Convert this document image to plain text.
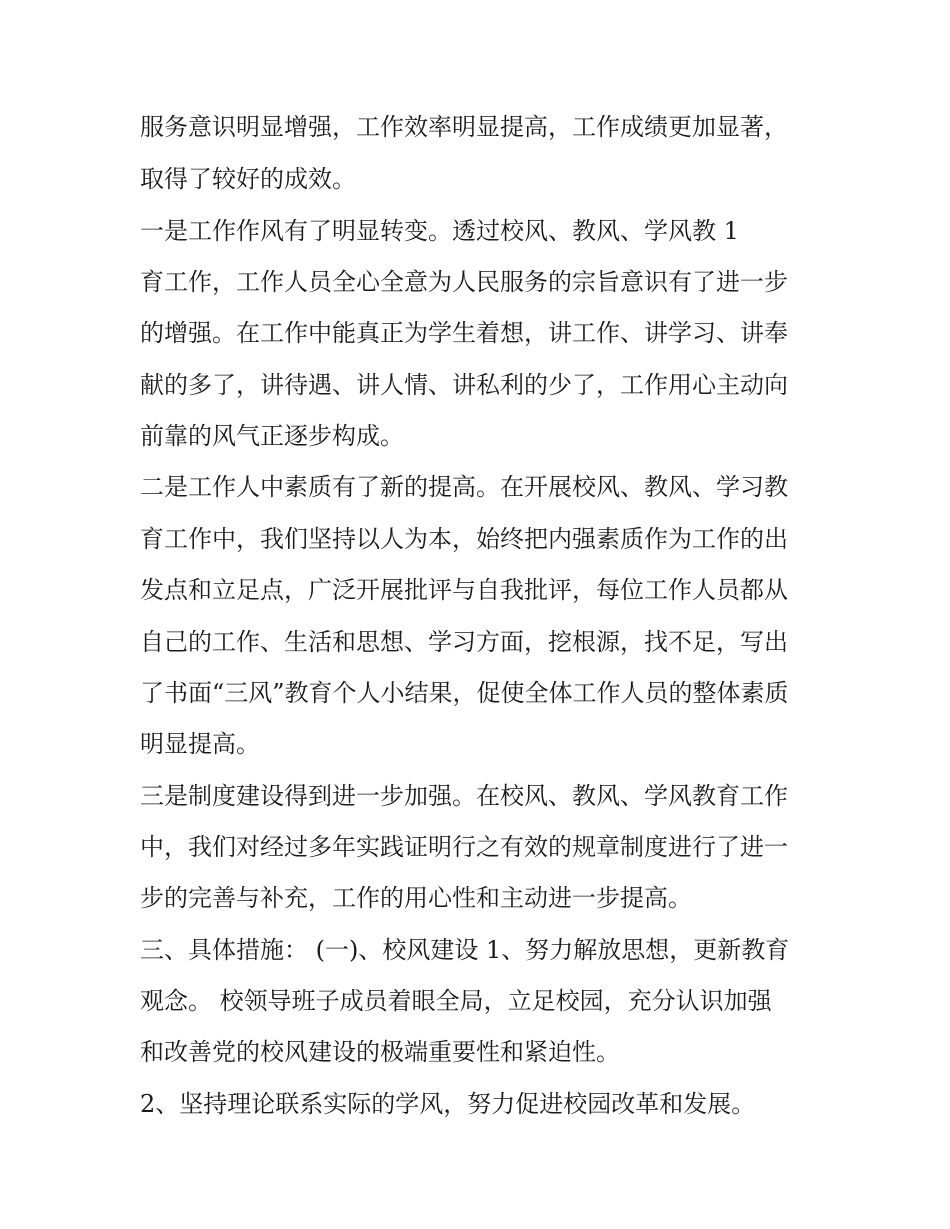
服务意识明显增强，工作效率明显提高，工作成绩更加显著，

取得了较好的成效。

一是工作作风有了明显转变。透过校风、教风、学风教 1

育工作，工作人员全心全意为人民服务的宗旨意识有了进一步

的增强。在工作中能真正为学生着想，讲工作、讲学习、讲奉

献的多了，讲待遇、讲人情、讲私利的少了，工作用心主动向

前靠的风气正逐步构成。

二是工作人中素质有了新的提高。在开展校风、教风、学习教

育工作中，我们坚持以人为本，始终把内强素质作为工作的出

发点和立足点，广泛开展批评与自我批评，每位工作人员都从

自己的工作、生活和思想、学习方面，挖根源，找不足，写出

了书面“三风”教育个人小结果，促使全体工作人员的整体素质

明显提高。

三是制度建设得到进一步加强。在校风、教风、学风教育工作

中，我们对经过多年实践证明行之有效的规章制度进行了进一

步的完善与补充，工作的用心性和主动进一步提高。

三、具体措施： (一)、校风建设 1、努力解放思想，更新教育

观念。 校领导班子成员着眼全局，立足校园，充分认识加强

和改善党的校风建设的极端重要性和紧迫性。

2、坚持理论联系实际的学风，努力促进校园改革和发展。
